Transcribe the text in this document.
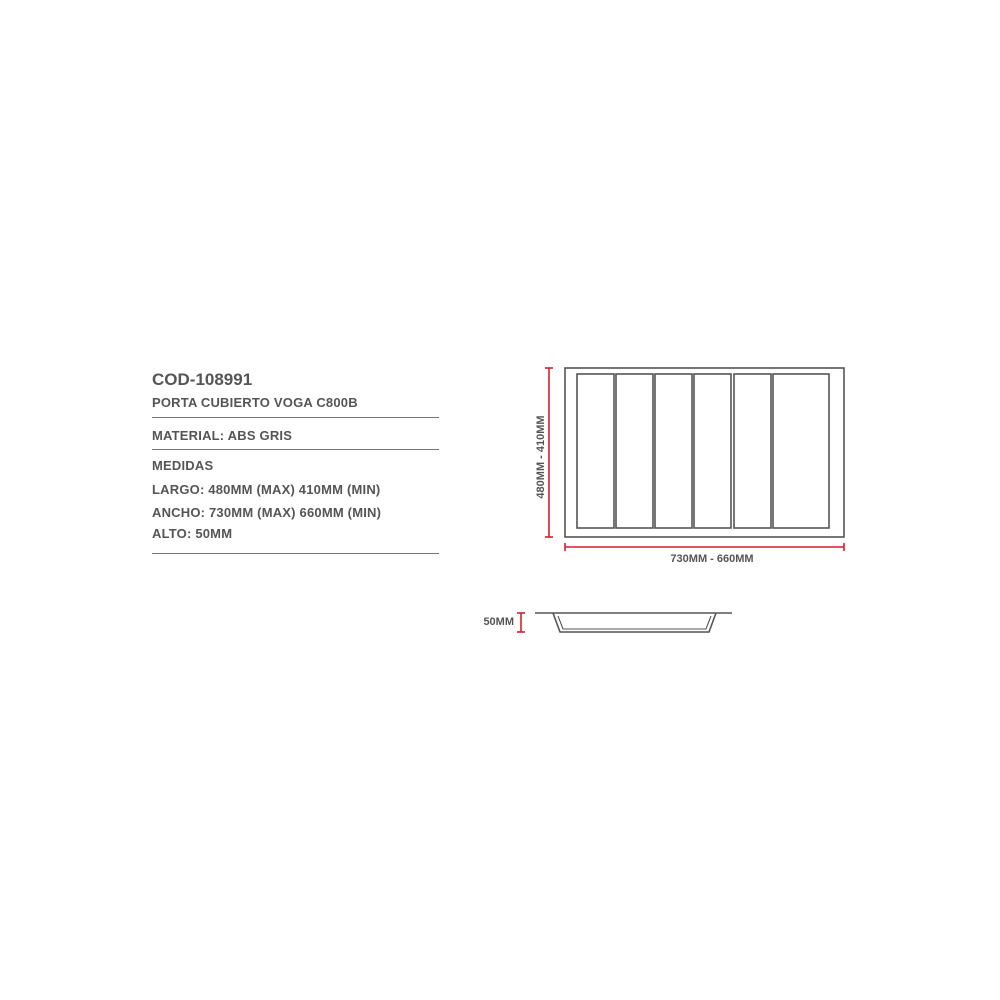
COD-108991
PORTA CUBIERTO VOGA C800B
MATERIAL: ABS GRIS
MEDIDAS
LARGO: 480MM (MAX) 410MM (MIN)
ANCHO: 730MM (MAX) 660MM (MIN)
ALTO: 50MM
480MM - 410MM
730MM - 660MM
50MM
